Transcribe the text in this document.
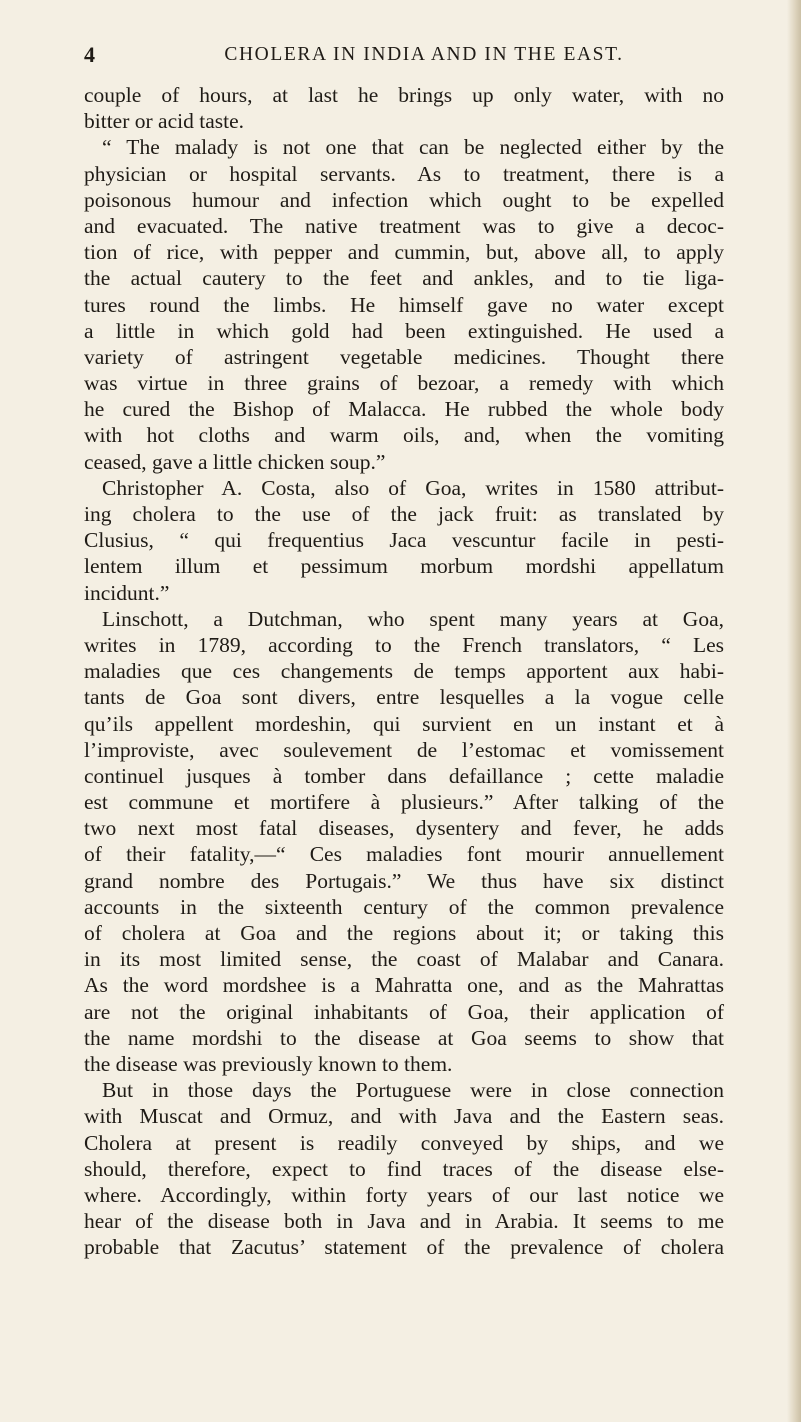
4	CHOLERA IN INDIA AND IN THE EAST.
couple of hours, at last he brings up only water, with no
bitter or acid taste.
“ The malady is not one that can be neglected either by the
physician or hospital servants. As to treatment, there is a
poisonous humour and infection which ought to be expelled
and evacuated. The native treatment was to give a decoc-
tion of rice, with pepper and cummin, but, above all, to apply
the actual cautery to the feet and ankles, and to tie liga-
tures round the limbs. He himself gave no water except
a little in which gold had been extinguished. He used a
variety of astringent vegetable medicines. Thought there
was virtue in three grains of bezoar, a remedy with which
he cured the Bishop of Malacca. He rubbed the whole body
with hot cloths and warm oils, and, when the vomiting
ceased, gave a little chicken soup.”
Christopher A. Costa, also of Goa, writes in 1580 attribut-
ing cholera to the use of the jack fruit: as translated by
Clusius, “ qui frequentius Jaca vescuntur facile in pesti-
lentem illum et pessimum morbum mordshi appellatum
incidunt.”
Linschott, a Dutchman, who spent many years at Goa,
writes in 1789, according to the French translators, “ Les
maladies que ces changements de temps apportent aux habi-
tants de Goa sont divers, entre lesquelles a la vogue celle
qu’ils appellent mordeshin, qui survient en un instant et à
l’improviste, avec soulevement de l’estomac et vomissement
continuel jusques à tomber dans defaillance ; cette maladie
est commune et mortifere à plusieurs.” After talking of the
two next most fatal diseases, dysentery and fever, he adds
of their fatality,—“ Ces maladies font mourir annuellement
grand nombre des Portugais.” We thus have six distinct
accounts in the sixteenth century of the common prevalence
of cholera at Goa and the regions about it; or taking this
in its most limited sense, the coast of Malabar and Canara.
As the word mordshee is a Mahratta one, and as the Mahrattas
are not the original inhabitants of Goa, their application of
the name mordshi to the disease at Goa seems to show that
the disease was previously known to them.
But in those days the Portuguese were in close connection
with Muscat and Ormuz, and with Java and the Eastern seas.
Cholera at present is readily conveyed by ships, and we
should, therefore, expect to find traces of the disease else-
where. Accordingly, within forty years of our last notice we
hear of the disease both in Java and in Arabia. It seems to me
probable that Zacutus’ statement of the prevalence of cholera
